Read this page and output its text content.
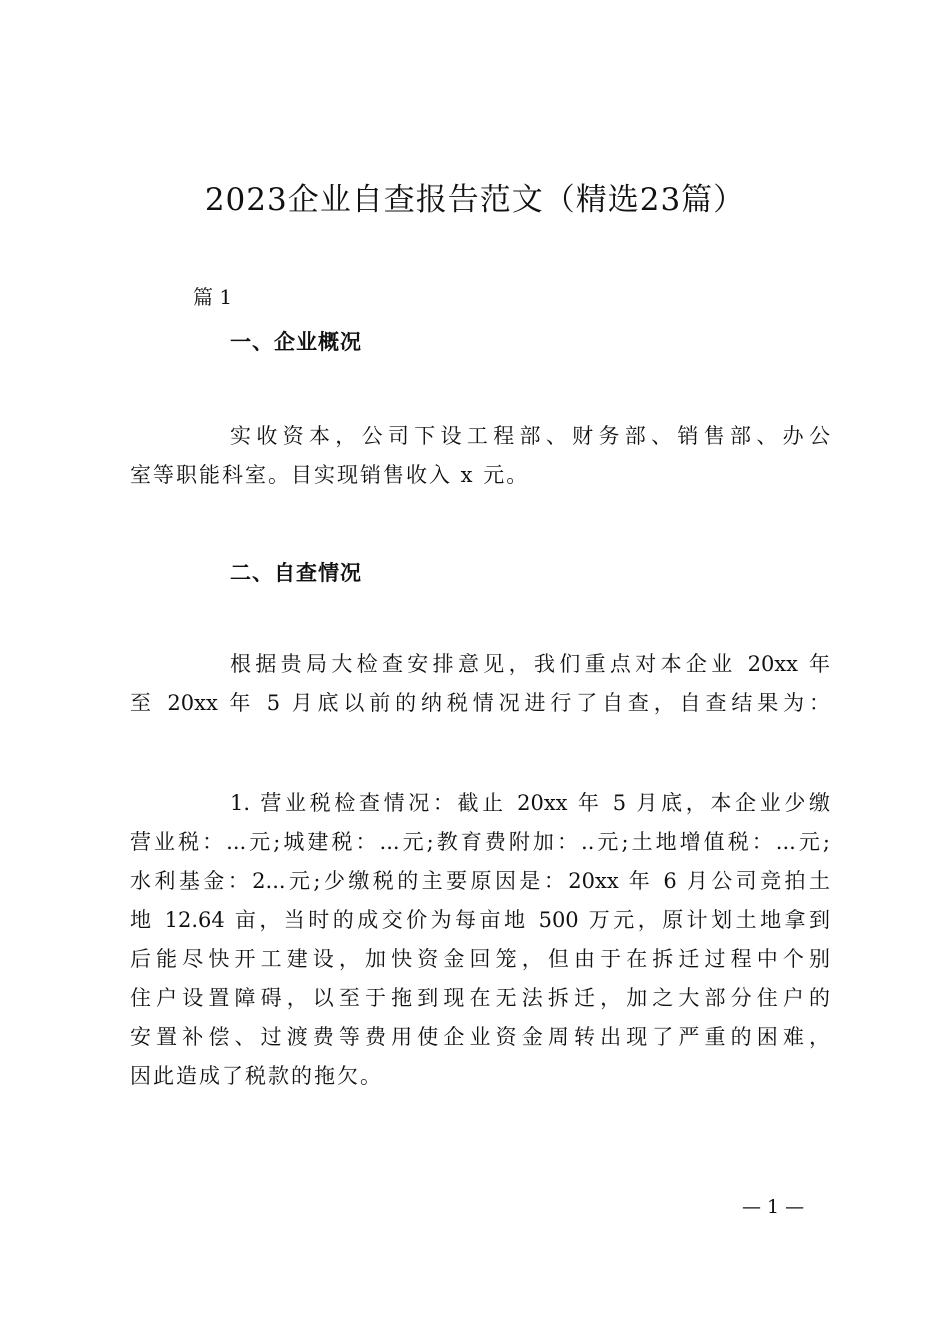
2023企业自查报告范文（精选23篇）
篇 1
一、企业概况
实收资本，公司下设工程部、财务部、销售部、办公
室等职能科室。目实现销售收入 x 元。
二、自查情况
根据贵局大检查安排意见，我们重点对本企业 20xx 年
至 20xx 年 5 月底以前的纳税情况进行了自查，自查结果为：
1. 营业税检查情况：截止 20xx 年 5 月底，本企业少缴
营业税：...元;城建税：...元;教育费附加：..元;土地增值税：...元;
水利基金：2...元;少缴税的主要原因是：20xx 年 6 月公司竞拍土
地 12.64 亩，当时的成交价为每亩地 500 万元，原计划土地拿到
后能尽快开工建设，加快资金回笼，但由于在拆迁过程中个别
住户设置障碍，以至于拖到现在无法拆迁，加之大部分住户的
安置补偿、过渡费等费用使企业资金周转出现了严重的困难，
因此造成了税款的拖欠。
— 1 —
